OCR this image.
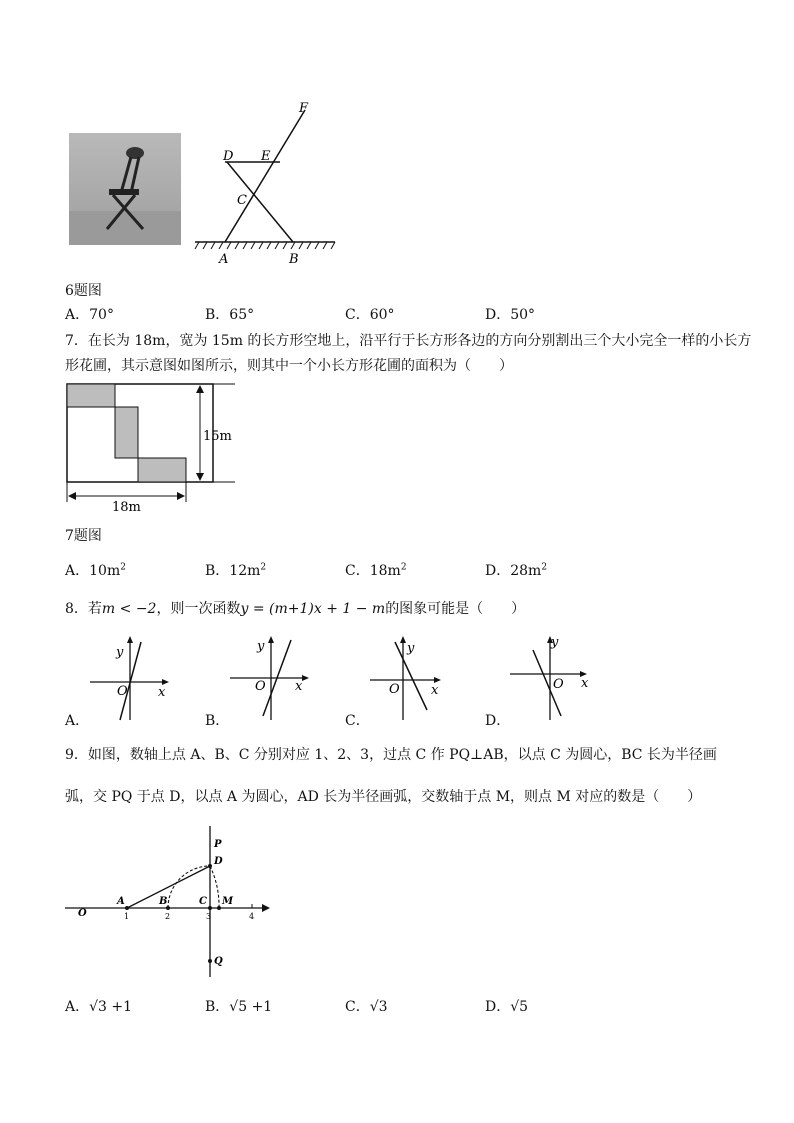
D E
F
C
A	B
6题图
A．70°	B．65°	C．60°	D．50°
7．在长为 18m，宽为 15m 的长方形空地上，沿平行于长方形各边的方向分别割出三个大小完全一样的小长方
形花圃，其示意图如图所示，则其中一个小长方形花圃的面积为（　　）
15m
18m
7题图
A．$10m^2$	B．$12m^2$	C．$18m^2$	D．$28m^2$
8．若m < −2，则一次函数y = (m+1)x + 1 − m的图象可能是（　　）
y
x
O
y
x
O
y
x
O
y
x
O
A．	B．	C．	D．
9．如图，数轴上点 A、B、C 分别对应 1、2、3，过点 C 作 PQ⊥AB，以点 C 为圆心，BC 长为半径画
弧，交 PQ 于点 D，以点 A 为圆心，AD 长为半径画弧，交数轴于点 M，则点 M 对应的数是（　　）
P
D
O
A	B	C M
Q
1	2	3	4
A．√3 +1	B．√5 +1	C．√3	D．√5
